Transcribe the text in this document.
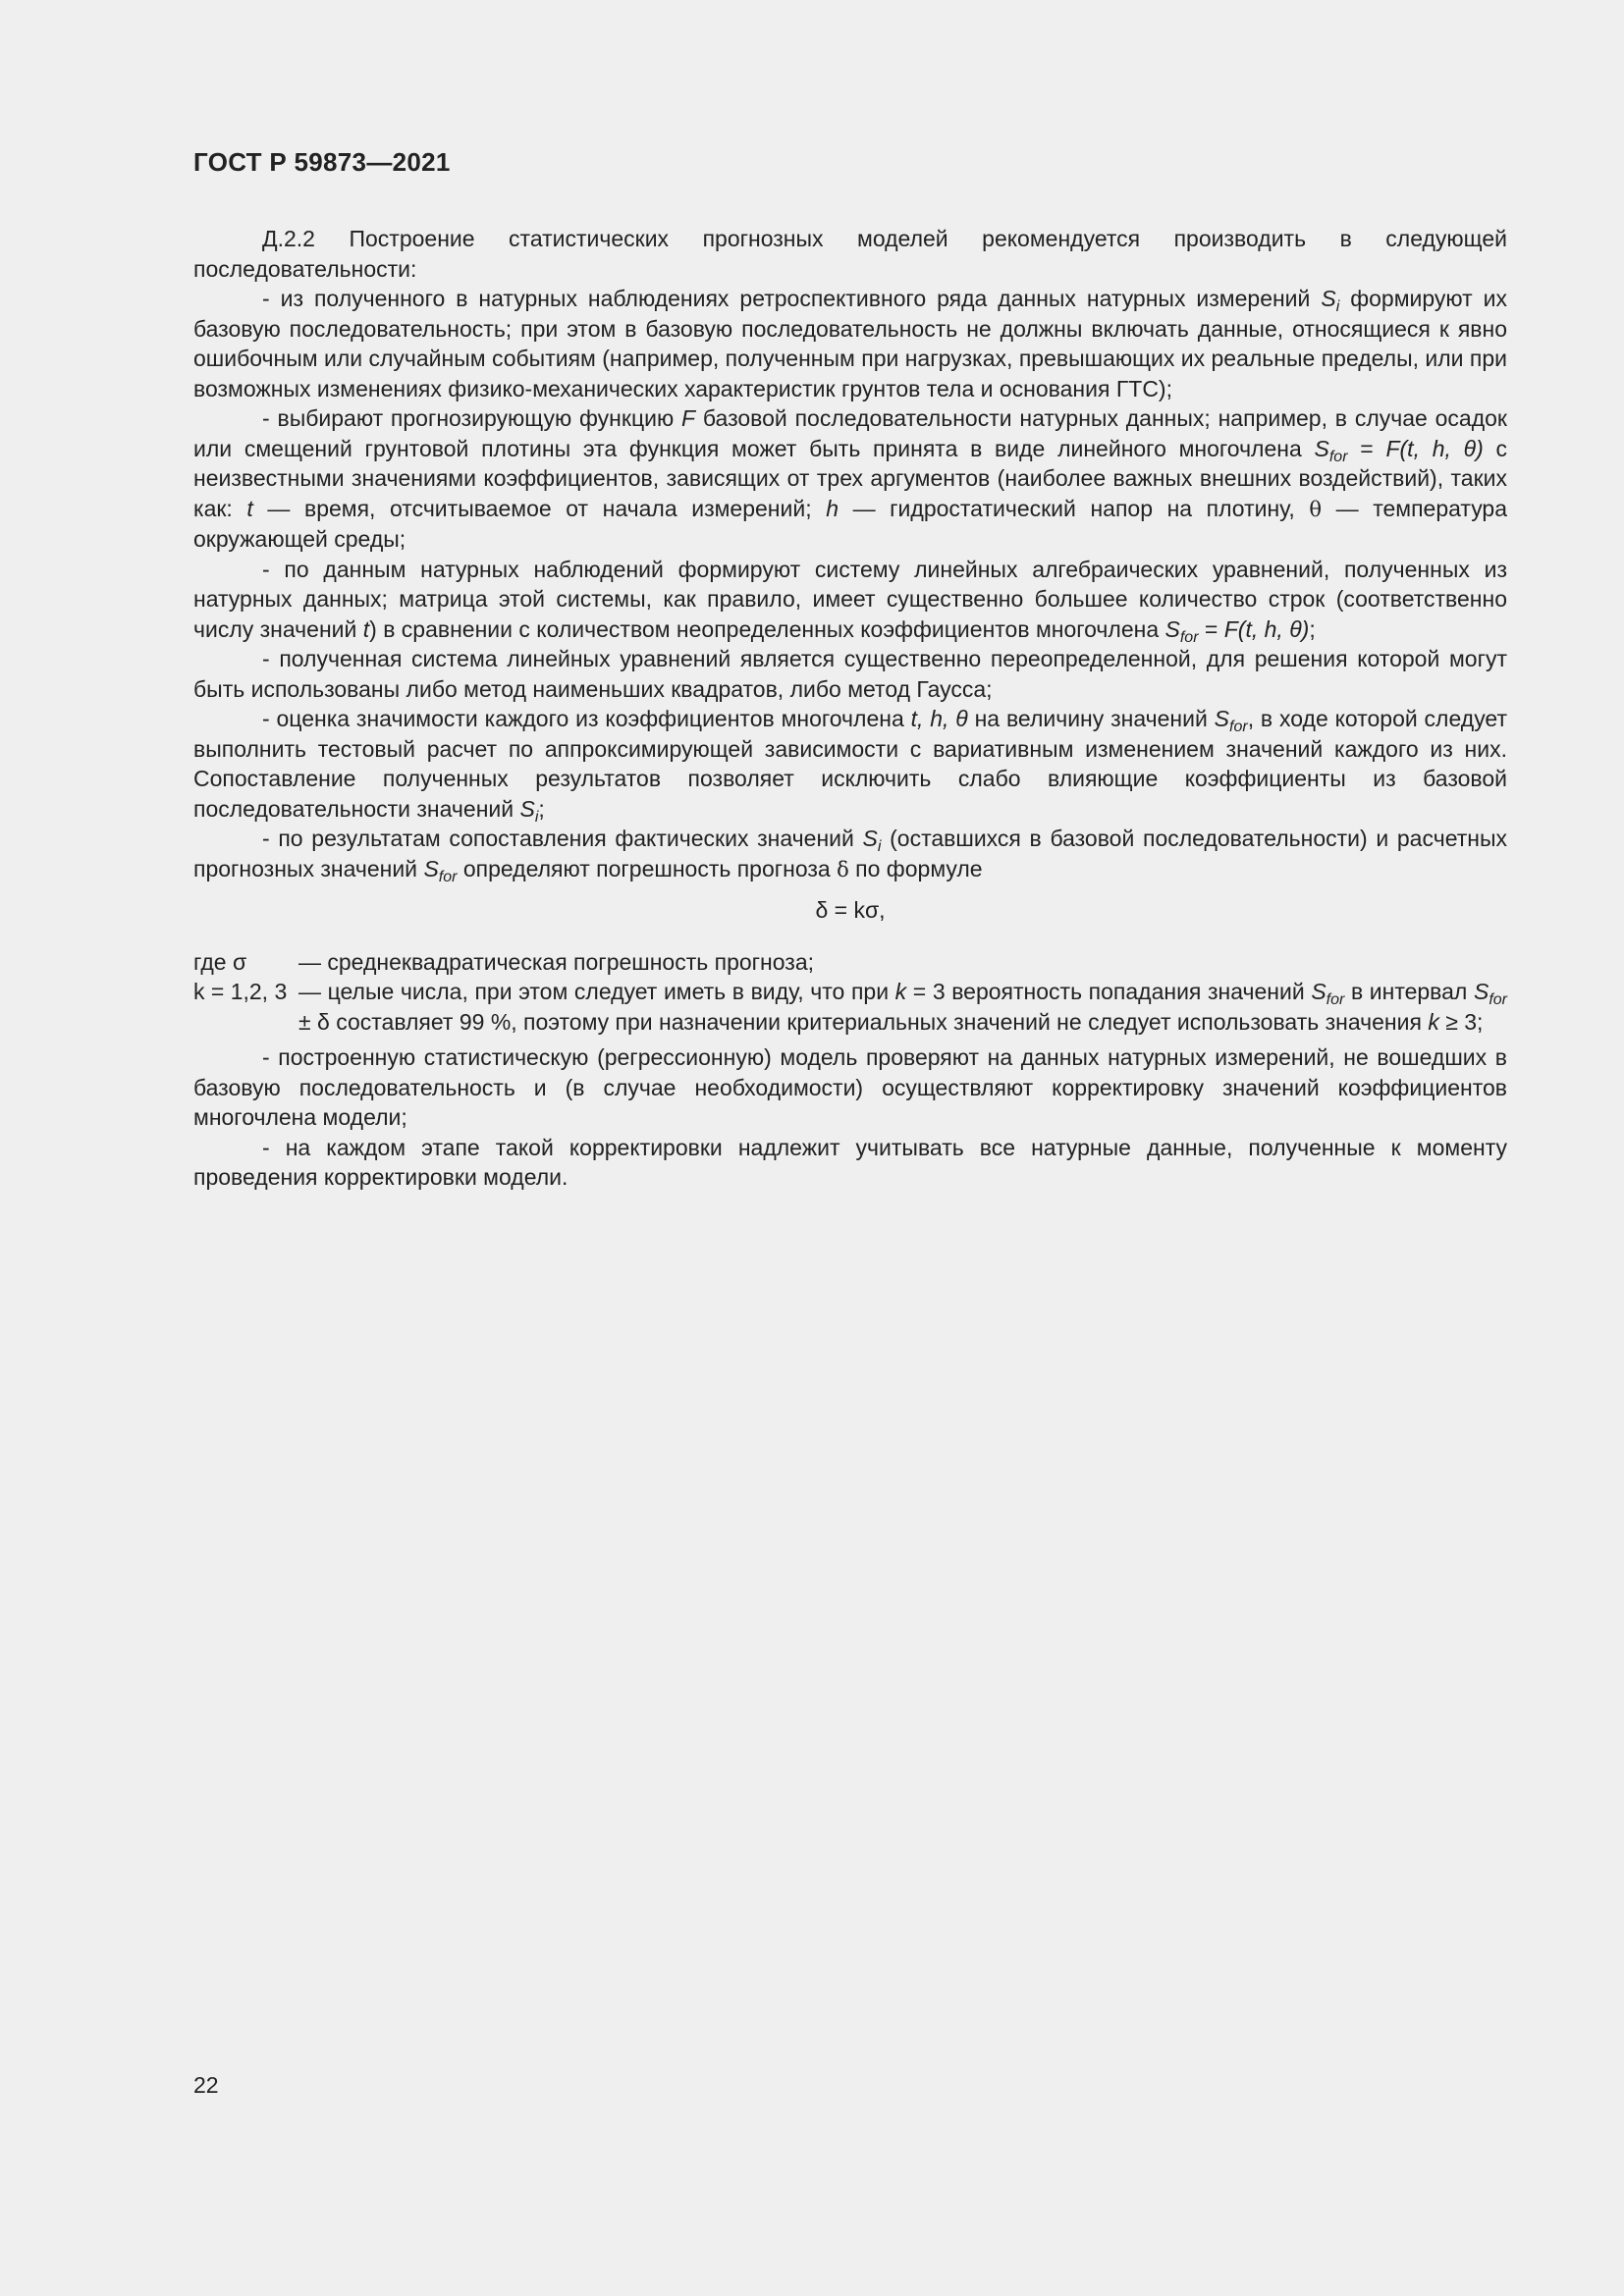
ГОСТ Р 59873—2021

Д.2.2 Построение статистических прогнозных моделей рекомендуется производить в следующей последовательности:

- из полученного в натурных наблюдениях ретроспективного ряда данных натурных измерений $S_i$ формируют их базовую последовательность; при этом в базовую последовательность не должны включать данные, относящиеся к явно ошибочным или случайным событиям (например, полученным при нагрузках, превышающих их реальные пределы, или при возможных изменениях физико-механических характеристик грунтов тела и основания ГТС);

- выбирают прогнозирующую функцию F базовой последовательности натурных данных; например, в случае осадок или смещений грунтовой плотины эта функция может быть принята в виде линейного многочлена $S_{for} = F(t$, h, θ) с неизвестными значениями коэффициентов, зависящих от трех аргументов (наиболее важных внешних воздействий), таких как: t — время, отсчитываемое от начала измерений; h — гидростатический напор на плотину, θ — температура окружающей среды;

- по данным натурных наблюдений формируют систему линейных алгебраических уравнений, полученных из натурных данных; матрица этой системы, как правило, имеет существенно большее количество строк (соответственно числу значений t) в сравнении с количеством неопределенных коэффициентов многочлена $S_{for} = F(t$, h, θ);

- полученная система линейных уравнений является существенно переопределенной, для решения которой могут быть использованы либо метод наименьших квадратов, либо метод Гаусса;

- оценка значимости каждого из коэффициентов многочлена t, h, θ на величину значений $S_{for}$, в ходе которой следует выполнить тестовый расчет по аппроксимирующей зависимости с вариативным изменением значений каждого из них. Сопоставление полученных результатов позволяет исключить слабо влияющие коэффициенты из базовой последовательности значений $S_i$;

- по результатам сопоставления фактических значений $S_i$ (оставшихся в базовой последовательности) и расчетных прогнозных значений $S_{for}$ определяют погрешность прогноза δ по формуле

δ = kσ,

где σ	— среднеквадратическая погрешность прогноза;
k = 1,2, 3 — целые числа, при этом следует иметь в виду, что при k = 3 вероятность попадания значений $S_{for}$ в интервал $S_{for} \pm \delta$ составляет 99 %, поэтому при назначении критериальных значений не следует использовать значения k ≥ 3;

- построенную статистическую (регрессионную) модель проверяют на данных натурных измерений, не вошедших в базовую последовательность и (в случае необходимости) осуществляют корректировку значений коэффициентов многочлена модели;

- на каждом этапе такой корректировки надлежит учитывать все натурные данные, полученные к моменту проведения корректировки модели.

22
